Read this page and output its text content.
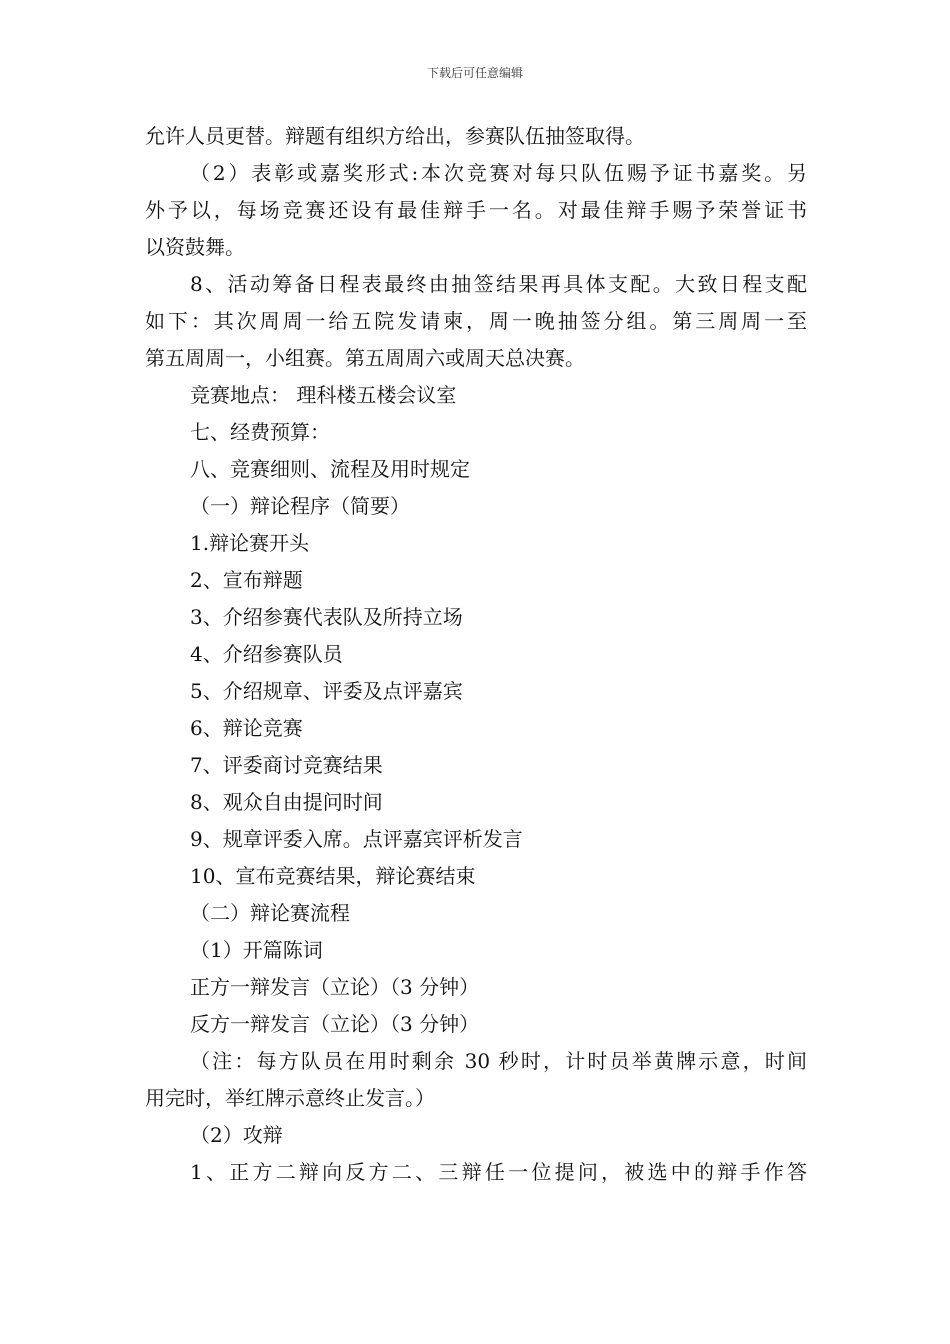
下载后可任意编辑
允许人员更替。辩题有组织方给出，参赛队伍抽签取得。
（2）表彰或嘉奖形式:本次竞赛对每只队伍赐予证书嘉奖。另
外予以，每场竞赛还设有最佳辩手一名。对最佳辩手赐予荣誉证书
以资鼓舞。
8、活动筹备日程表最终由抽签结果再具体支配。大致日程支配
如下：其次周周一给五院发请柬，周一晚抽签分组。第三周周一至
第五周周一，小组赛。第五周周六或周天总决赛。
竞赛地点： 理科楼五楼会议室
七、经费预算：
八、竞赛细则、流程及用时规定
（一）辩论程序（简要）
1.辩论赛开头
2、宣布辩题
3、介绍参赛代表队及所持立场
4、介绍参赛队员
5、介绍规章、评委及点评嘉宾
6、辩论竞赛
7、评委商讨竞赛结果
8、观众自由提问时间
9、规章评委入席。点评嘉宾评析发言
10、宣布竞赛结果，辩论赛结束
（二）辩论赛流程
（1）开篇陈词
正方一辩发言（立论）（3 分钟）
反方一辩发言（立论）（3 分钟）
（注：每方队员在用时剩余 30 秒时，计时员举黄牌示意，时间
用完时，举红牌示意终止发言。）
（2）攻辩
1、正方二辩向反方二、三辩任一位提问，被选中的辩手作答
